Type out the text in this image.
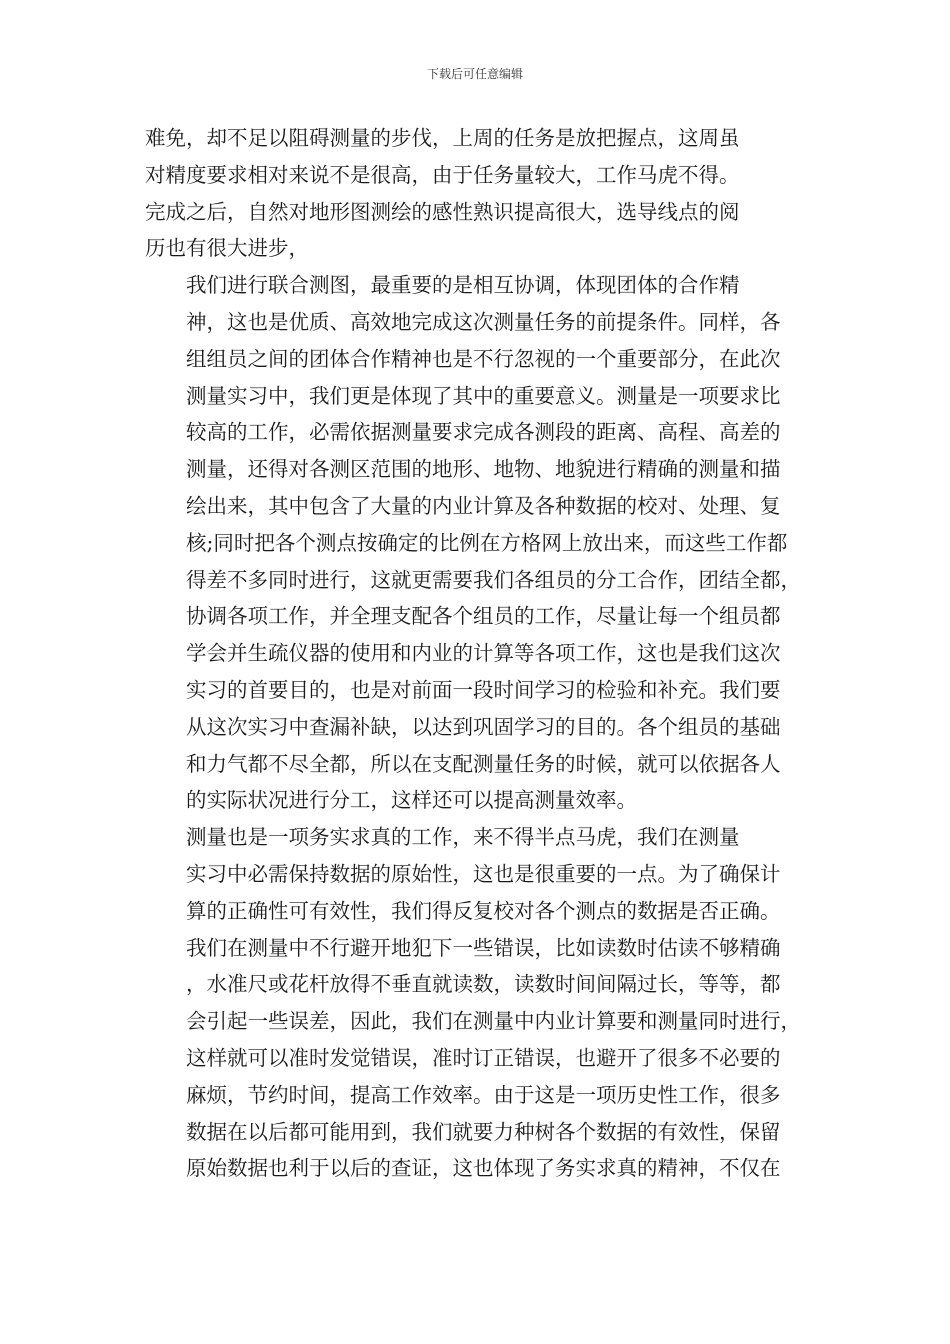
下载后可任意编辑

难免，却不足以阻碍测量的步伐，上周的任务是放把握点，这周虽
对精度要求相对来说不是很高，由于任务量较大，工作马虎不得。
完成之后，自然对地形图测绘的感性熟识提高很大，选导线点的阅
历也有很大进步，

我们进行联合测图，最重要的是相互协调，体现团体的合作精
神，这也是优质、高效地完成这次测量任务的前提条件。同样，各
组组员之间的团体合作精神也是不行忽视的一个重要部分，在此次
测量实习中，我们更是体现了其中的重要意义。测量是一项要求比
较高的工作，必需依据测量要求完成各测段的距离、高程、高差的
测量，还得对各测区范围的地形、地物、地貌进行精确的测量和描
绘出来，其中包含了大量的内业计算及各种数据的校对、处理、复
核;同时把各个测点按确定的比例在方格网上放出来，而这些工作都
得差不多同时进行，这就更需要我们各组员的分工合作，团结全都，
协调各项工作，并全理支配各个组员的工作，尽量让每一个组员都
学会并生疏仪器的使用和内业的计算等各项工作，这也是我们这次
实习的首要目的，也是对前面一段时间学习的检验和补充。我们要
从这次实习中查漏补缺，以达到巩固学习的目的。各个组员的基础
和力气都不尽全都，所以在支配测量任务的时候，就可以依据各人
的实际状况进行分工，这样还可以提高测量效率。

测量也是一项务实求真的工作，来不得半点马虎，我们在测量
实习中必需保持数据的原始性，这也是很重要的一点。为了确保计
算的正确性可有效性，我们得反复校对各个测点的数据是否正确。
我们在测量中不行避开地犯下一些错误，比如读数时估读不够精确
，水准尺或花杆放得不垂直就读数，读数时间间隔过长，等等，都
会引起一些误差，因此，我们在测量中内业计算要和测量同时进行，
这样就可以准时发觉错误，准时订正错误，也避开了很多不必要的
麻烦，节约时间，提高工作效率。由于这是一项历史性工作，很多
数据在以后都可能用到，我们就要力种树各个数据的有效性，保留
原始数据也利于以后的查证，这也体现了务实求真的精神，不仅在
